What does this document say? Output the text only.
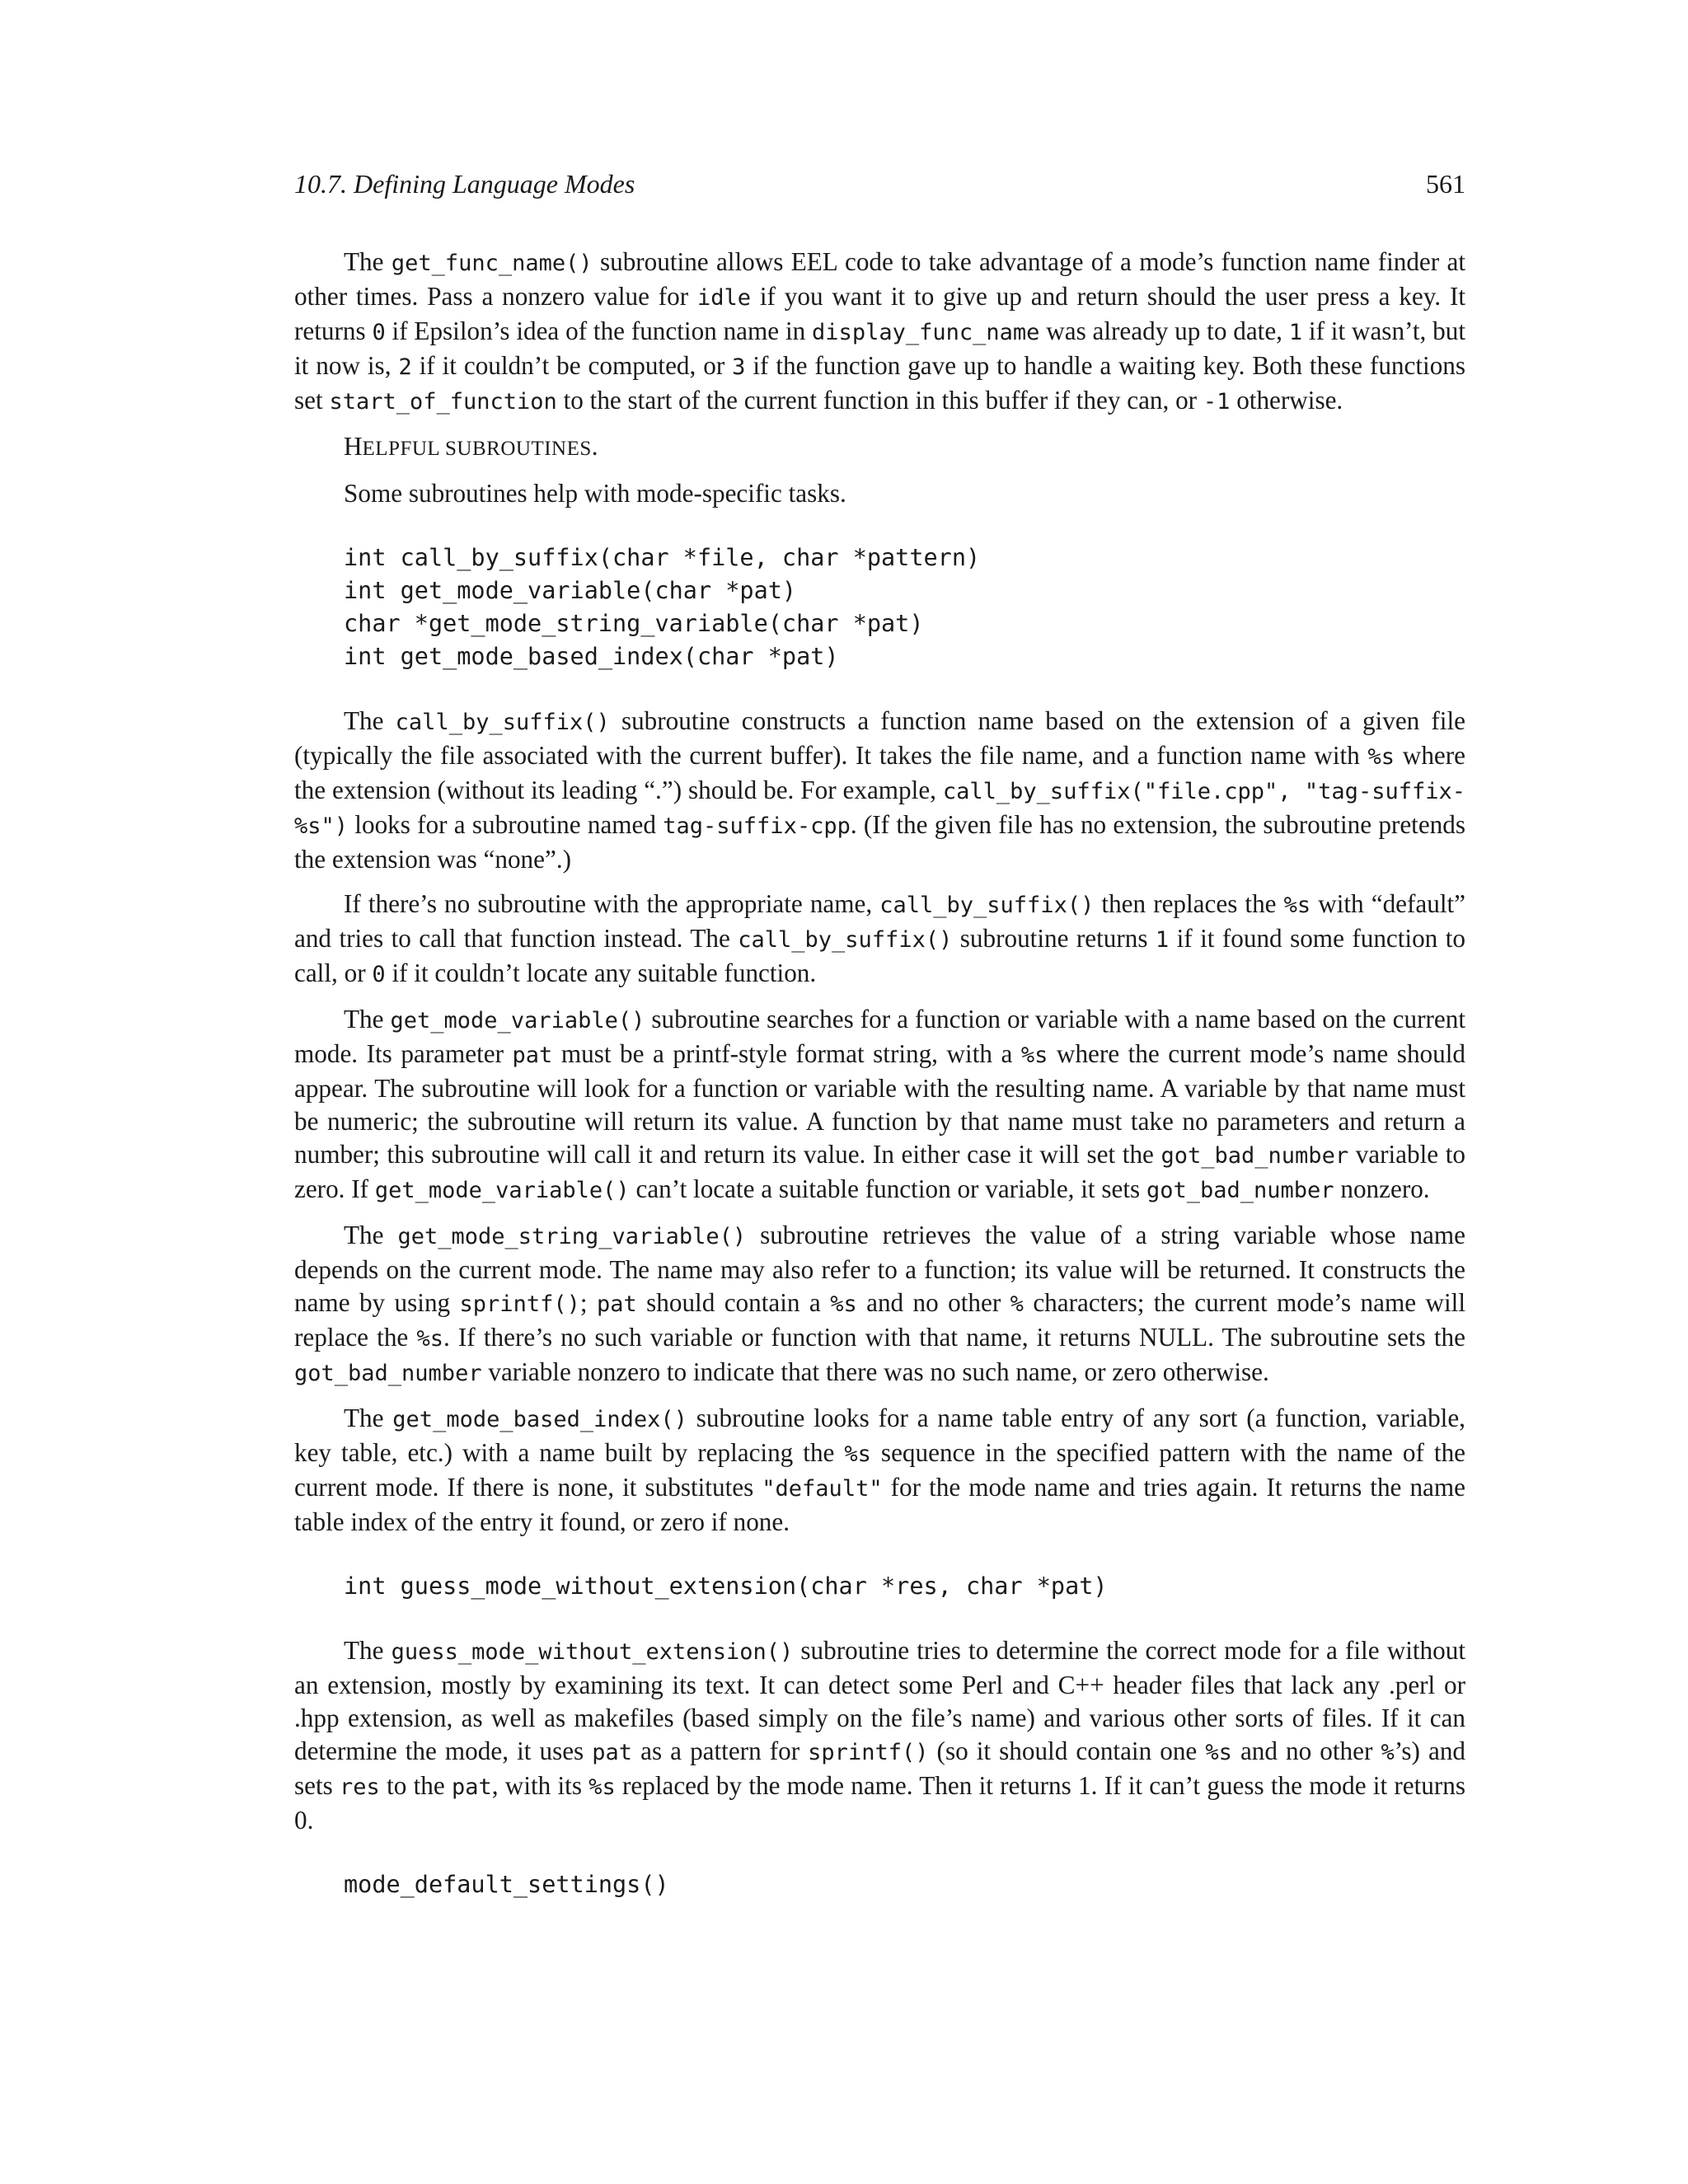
10.7. Defining Language Modes	561

The get_func_name() subroutine allows EEL code to take advantage of a mode’s function name finder at other times. Pass a nonzero value for idle if you want it to give up and return should the user press a key. It returns 0 if Epsilon’s idea of the function name in display_func_name was already up to date, 1 if it wasn’t, but it now is, 2 if it couldn’t be computed, or 3 if the function gave up to handle a waiting key. Both these functions set start_of_function to the start of the current function in this buffer if they can, or -1 otherwise.

HELPFUL SUBROUTINES.

Some subroutines help with mode-specific tasks.

int call_by_suffix(char *file, char *pattern)
int get_mode_variable(char *pat)
char *get_mode_string_variable(char *pat)
int get_mode_based_index(char *pat)

The call_by_suffix() subroutine constructs a function name based on the extension of a given file (typically the file associated with the current buffer). It takes the file name, and a function name with %s where the extension (without its leading “.”) should be. For example, call_by_suffix("file.cpp", "tag-suffix-%s") looks for a subroutine named tag-suffix-cpp. (If the given file has no extension, the subroutine pretends the extension was “none”.)

If there’s no subroutine with the appropriate name, call_by_suffix() then replaces the %s with “default” and tries to call that function instead. The call_by_suffix() subroutine returns 1 if it found some function to call, or 0 if it couldn’t locate any suitable function.

The get_mode_variable() subroutine searches for a function or variable with a name based on the current mode. Its parameter pat must be a printf-style format string, with a %s where the current mode’s name should appear. The subroutine will look for a function or variable with the resulting name. A variable by that name must be numeric; the subroutine will return its value. A function by that name must take no parameters and return a number; this subroutine will call it and return its value. In either case it will set the got_bad_number variable to zero. If get_mode_variable() can’t locate a suitable function or variable, it sets got_bad_number nonzero.

The get_mode_string_variable() subroutine retrieves the value of a string variable whose name depends on the current mode. The name may also refer to a function; its value will be returned. It constructs the name by using sprintf(); pat should contain a %s and no other % characters; the current mode’s name will replace the %s. If there’s no such variable or function with that name, it returns NULL. The subroutine sets the got_bad_number variable nonzero to indicate that there was no such name, or zero otherwise.

The get_mode_based_index() subroutine looks for a name table entry of any sort (a function, variable, key table, etc.) with a name built by replacing the %s sequence in the specified pattern with the name of the current mode. If there is none, it substitutes "default" for the mode name and tries again. It returns the name table index of the entry it found, or zero if none.

int guess_mode_without_extension(char *res, char *pat)

The guess_mode_without_extension() subroutine tries to determine the correct mode for a file without an extension, mostly by examining its text. It can detect some Perl and C++ header files that lack any .perl or .hpp extension, as well as makefiles (based simply on the file’s name) and various other sorts of files. If it can determine the mode, it uses pat as a pattern for sprintf() (so it should contain one %s and no other %’s) and sets res to the pat, with its %s replaced by the mode name. Then it returns 1. If it can’t guess the mode it returns 0.

mode_default_settings()
